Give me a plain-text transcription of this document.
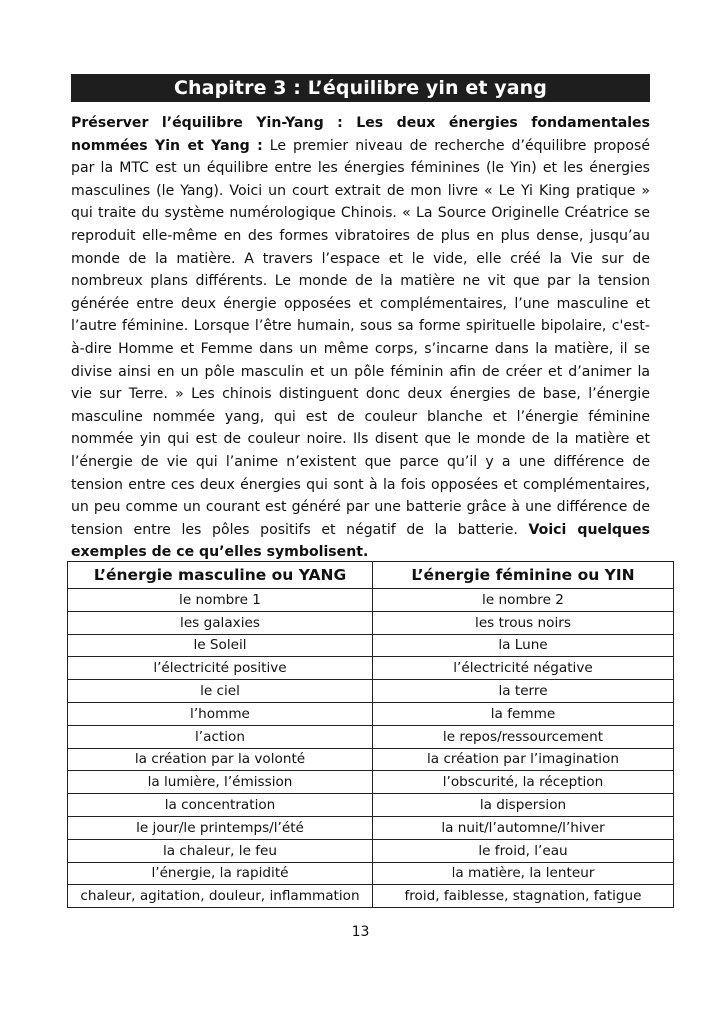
Chapitre 3 : L’équilibre yin et yang
Préserver l’équilibre Yin-Yang : Les deux énergies fondamentales nommées Yin et Yang : Le premier niveau de recherche d’équilibre proposé par la MTC est un équilibre entre les énergies féminines (le Yin) et les énergies masculines (le Yang). Voici un court extrait de mon livre « Le Yi King pratique » qui traite du système numérologique Chinois. « La Source Originelle Créatrice se reproduit elle-même en des formes vibratoires de plus en plus dense, jusqu’au monde de la matière. A travers l’espace et le vide, elle créé la Vie sur de nombreux plans différents. Le monde de la matière ne vit que par la tension générée entre deux énergie opposées et complémentaires, l’une masculine et l’autre féminine. Lorsque l’être humain, sous sa forme spirituelle bipolaire, c'est-à-dire Homme et Femme dans un même corps, s’incarne dans la matière, il se divise ainsi en un pôle masculin et un pôle féminin afin de créer et d’animer la vie sur Terre. » Les chinois distinguent donc deux énergies de base, l’énergie masculine nommée yang, qui est de couleur blanche et l’énergie féminine nommée yin qui est de couleur noire. Ils disent que le monde de la matière et l’énergie de vie qui l’anime n’existent que parce qu’il y a une différence de tension entre ces deux énergies qui sont à la fois opposées et complémentaires, un peu comme un courant est généré par une batterie grâce à une différence de tension entre les pôles positifs et négatif de la batterie. Voici quelques exemples de ce qu’elles symbolisent.
L’énergie masculine ou YANG	L’énergie féminine ou YIN
le nombre 1	le nombre 2
les galaxies	les trous noirs
le Soleil	la Lune
l’électricité positive	l’électricité négative
le ciel	la terre
l’homme	la femme
l’action	le repos/ressourcement
la création par la volonté	la création par l’imagination
la lumière, l’émission	l’obscurité, la réception
la concentration	la dispersion
le jour/le printemps/l’été	la nuit/l’automne/l’hiver
la chaleur, le feu	le froid, l’eau
l’énergie, la rapidité	la matière, la lenteur
chaleur, agitation, douleur, inflammation	froid, faiblesse, stagnation, fatigue
13
